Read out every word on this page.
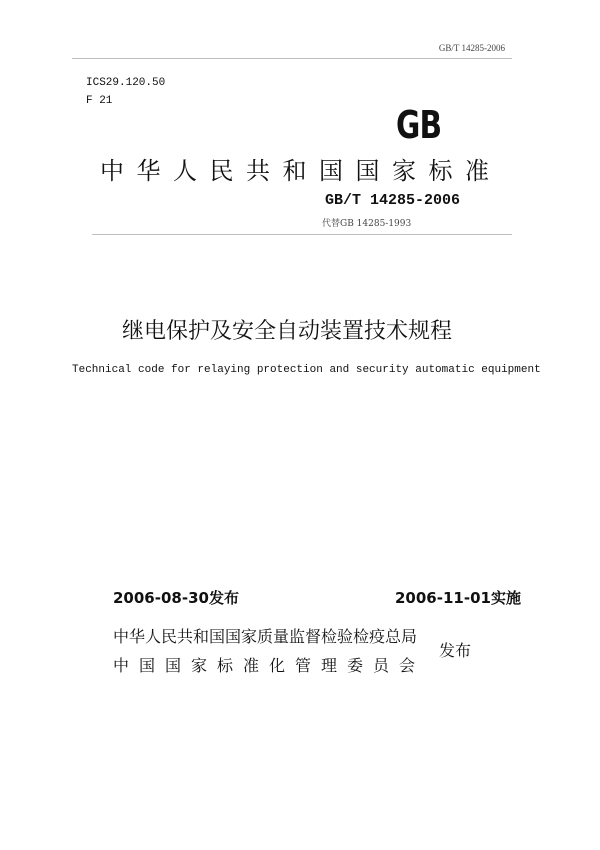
GB/T 14285-2006
ICS29.120.50
F 21
GB
中华人民共和国国家标准
GB/T 14285-2006
代替GB 14285-1993
继电保护及安全自动装置技术规程
Technical code for relaying protection and security automatic equipment
2006-08-30发布	2006-11-01实施
中华人民共和国国家质量监督检验检疫总局
中国国家标准化管理委员会
发布
